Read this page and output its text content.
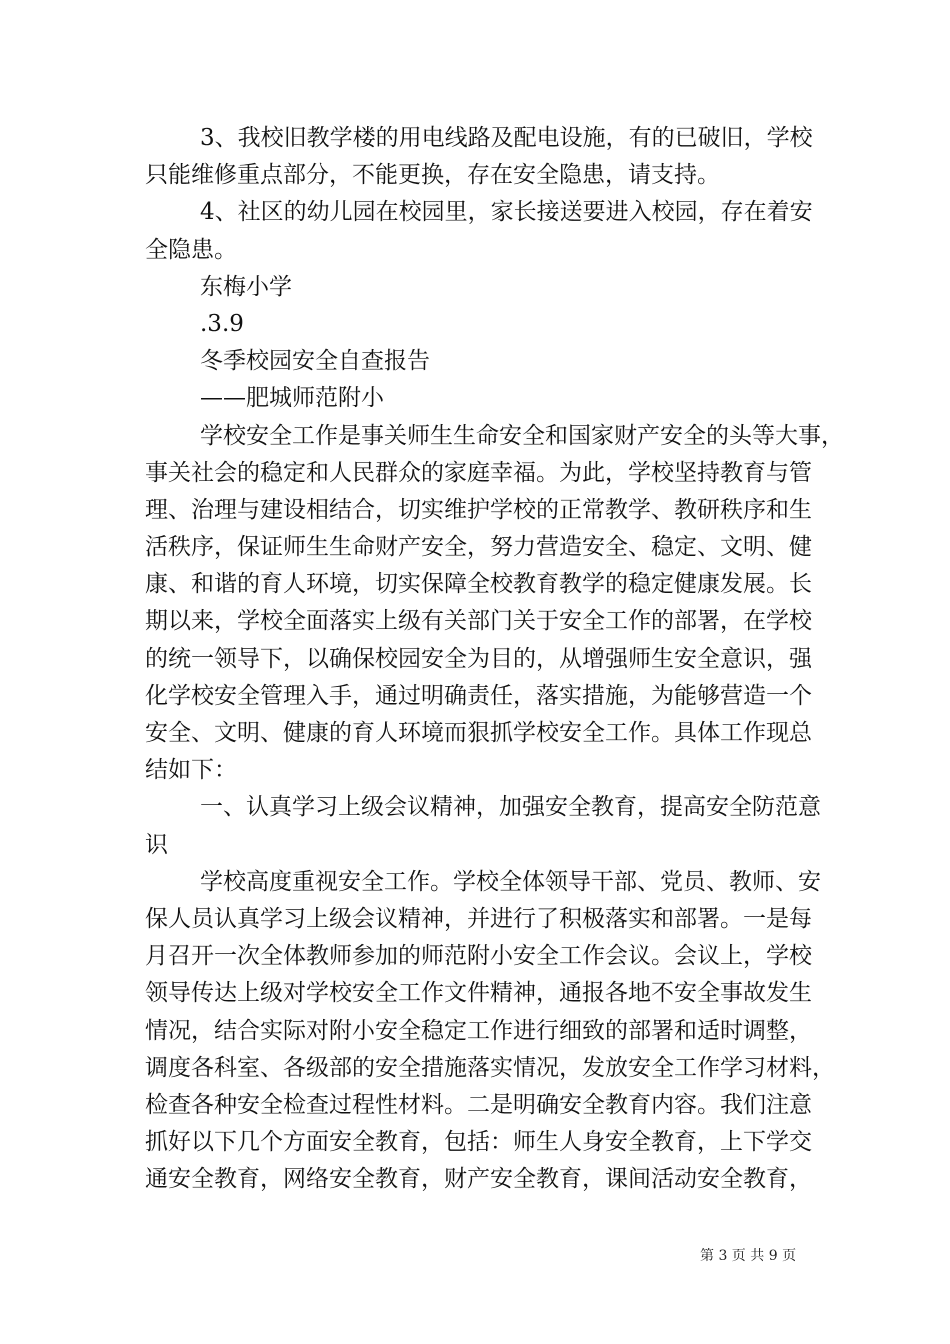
3、我校旧教学楼的用电线路及配电设施，有的已破旧，学校
只能维修重点部分，不能更换，存在安全隐患，请支持。
4、社区的幼儿园在校园里，家长接送要进入校园，存在着安
全隐患。
东梅小学
.3.9
冬季校园安全自查报告
——肥城师范附小
学校安全工作是事关师生生命安全和国家财产安全的头等大事，
事关社会的稳定和人民群众的家庭幸福。为此，学校坚持教育与管
理、治理与建设相结合，切实维护学校的正常教学、教研秩序和生
活秩序，保证师生生命财产安全，努力营造安全、稳定、文明、健
康、和谐的育人环境，切实保障全校教育教学的稳定健康发展。长
期以来，学校全面落实上级有关部门关于安全工作的部署，在学校
的统一领导下，以确保校园安全为目的，从增强师生安全意识，强
化学校安全管理入手，通过明确责任，落实措施，为能够营造一个
安全、文明、健康的育人环境而狠抓学校安全工作。具体工作现总
结如下：
一、认真学习上级会议精神，加强安全教育，提高安全防范意
识
学校高度重视安全工作。学校全体领导干部、党员、教师、安
保人员认真学习上级会议精神，并进行了积极落实和部署。一是每
月召开一次全体教师参加的师范附小安全工作会议。会议上，学校
领导传达上级对学校安全工作文件精神，通报各地不安全事故发生
情况，结合实际对附小安全稳定工作进行细致的部署和适时调整，
调度各科室、各级部的安全措施落实情况，发放安全工作学习材料，
检查各种安全检查过程性材料。二是明确安全教育内容。我们注意
抓好以下几个方面安全教育，包括：师生人身安全教育，上下学交
通安全教育，网络安全教育，财产安全教育，课间活动安全教育，
第 3 页 共 9 页
